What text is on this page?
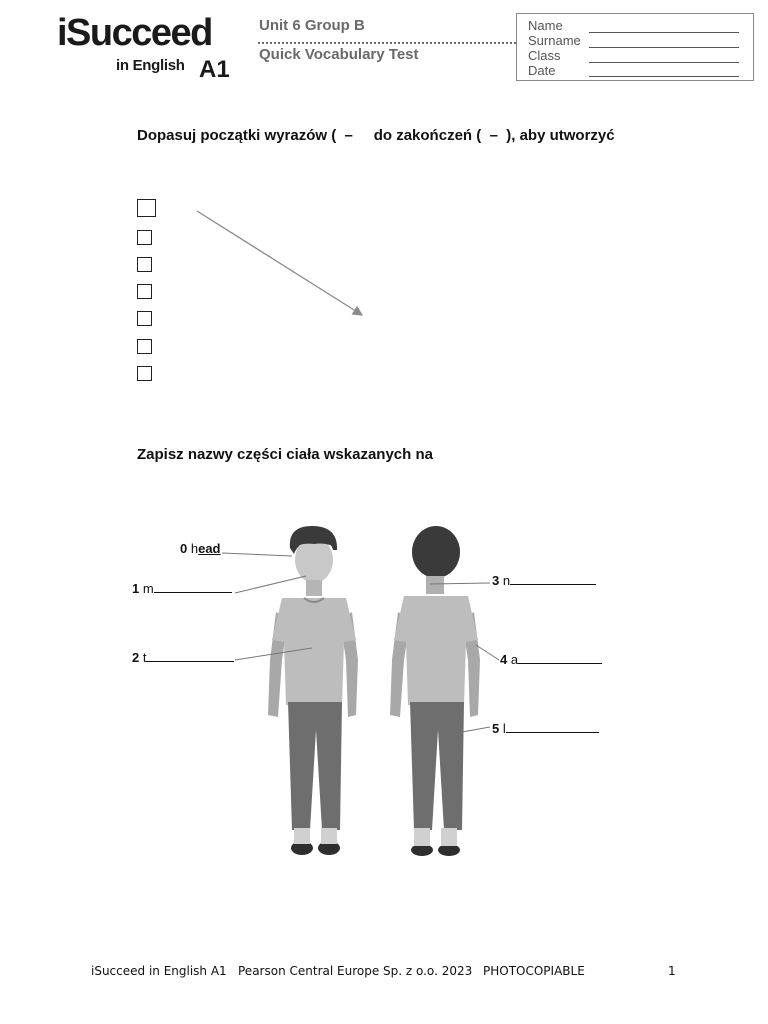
iSucceed
in English A1
Unit 6 Group B
Quick Vocabulary Test
Name
Surname
Class
Date
Dopasuj początki wyrazów (  –     do zakończeń (  –  ), aby utworzyć
Zapisz nazwy części ciała wskazanych na
0 head
1 m
2 t
3 n
4 a
5 l
iSucceed in English A1 Pearson Central Europe Sp. z o.o. 2023 PHOTOCOPIABLE	1
